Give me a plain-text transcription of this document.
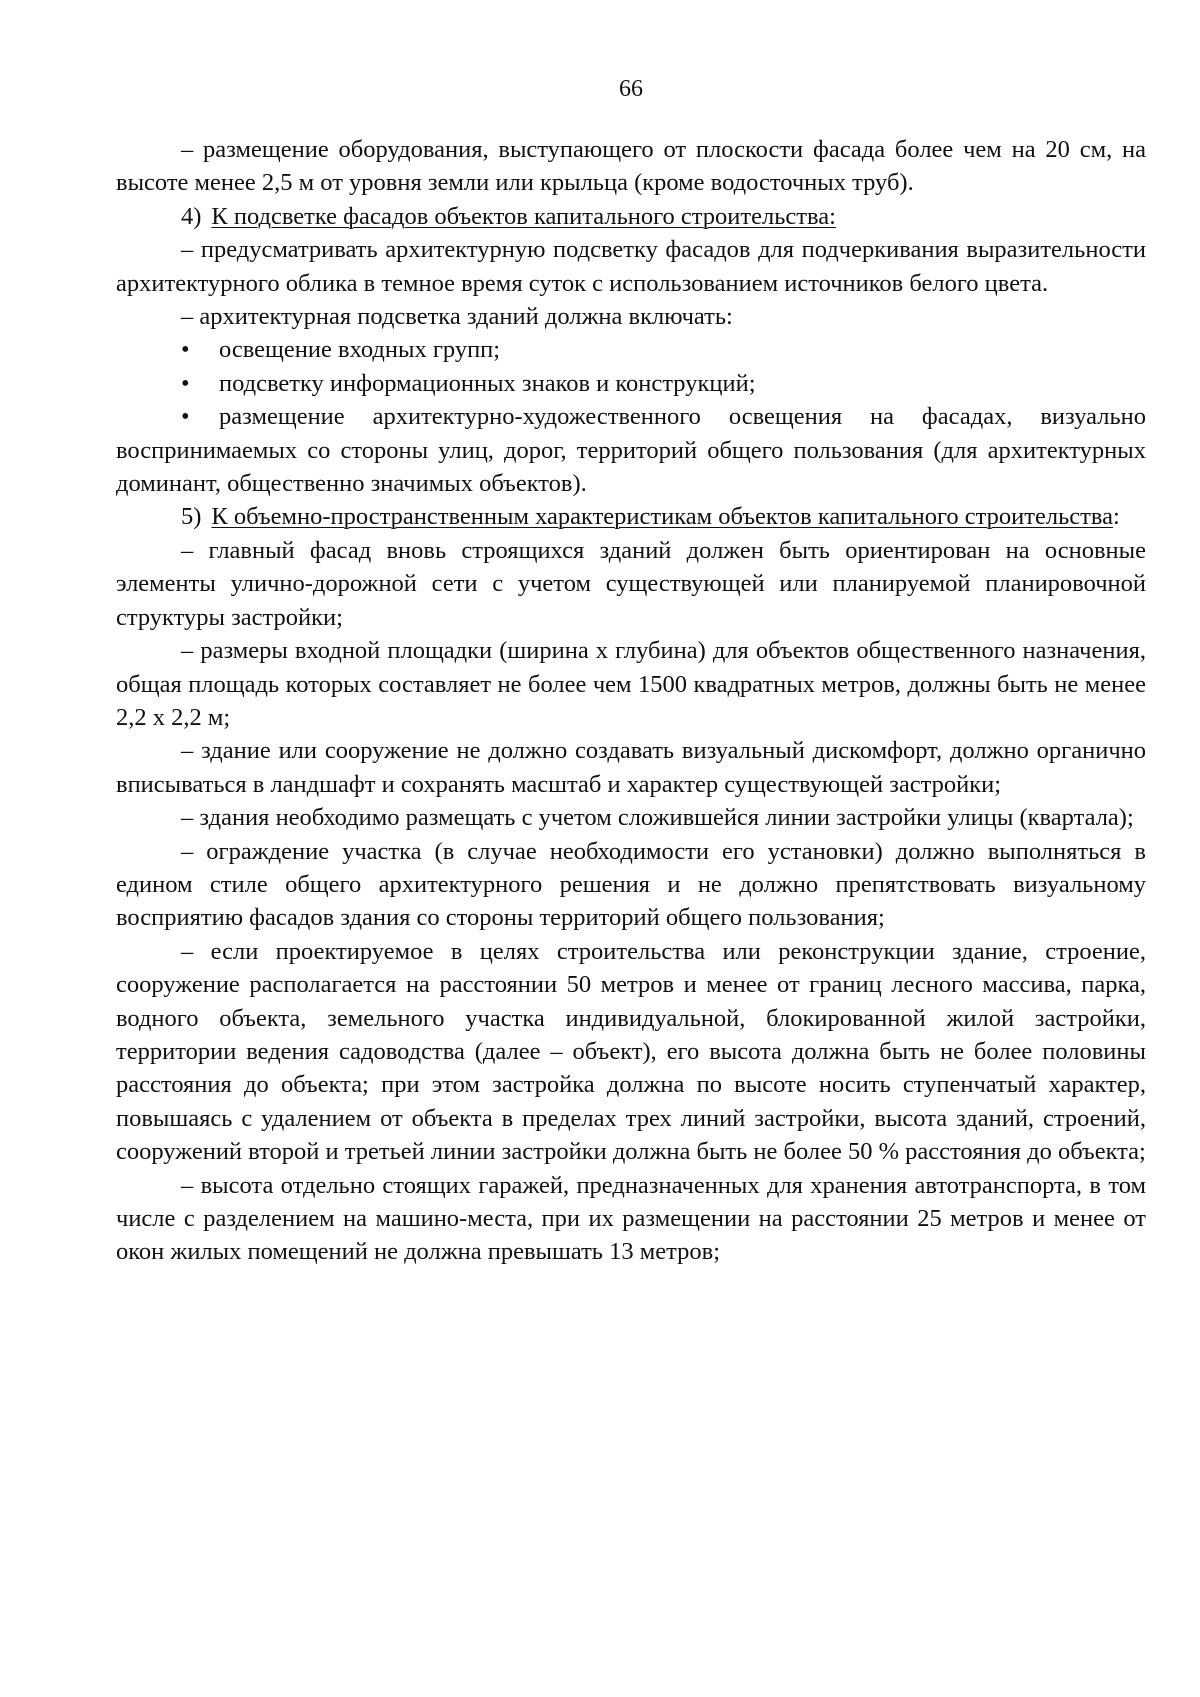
66

– размещение оборудования, выступающего от плоскости фасада более чем на 20 см, на высоте менее 2,5 м от уровня земли или крыльца (кроме водосточных труб).

4) К подсветке фасадов объектов капитального строительства:

– предусматривать архитектурную подсветку фасадов для подчеркивания выразительности архитектурного облика в темное время суток с использованием источников белого цвета.

– архитектурная подсветка зданий должна включать:

• освещение входных групп;

• подсветку информационных знаков и конструкций;

• размещение архитектурно-художественного освещения на фасадах, визуально воспринимаемых со стороны улиц, дорог, территорий общего пользования (для архитектурных доминант, общественно значимых объектов).

5) К объемно-пространственным характеристикам объектов капитального строительства:

– главный фасад вновь строящихся зданий должен быть ориентирован на основные элементы улично-дорожной сети с учетом существующей или планируемой планировочной структуры застройки;

– размеры входной площадки (ширина х глубина) для объектов общественного назначения, общая площадь которых составляет не более чем 1500 квадратных метров, должны быть не менее 2,2 х 2,2 м;

– здание или сооружение не должно создавать визуальный дискомфорт, должно органично вписываться в ландшафт и сохранять масштаб и характер существующей застройки;

– здания необходимо размещать с учетом сложившейся линии застройки улицы (квартала);

– ограждение участка (в случае необходимости его установки) должно выполняться в едином стиле общего архитектурного решения и не должно препятствовать визуальному восприятию фасадов здания со стороны территорий общего пользования;

– если проектируемое в целях строительства или реконструкции здание, строение, сооружение располагается на расстоянии 50 метров и менее от границ лесного массива, парка, водного объекта, земельного участка индивидуальной, блокированной жилой застройки, территории ведения садоводства (далее – объект), его высота должна быть не более половины расстояния до объекта; при этом застройка должна по высоте носить ступенчатый характер, повышаясь с удалением от объекта в пределах трех линий застройки, высота зданий, строений, сооружений второй и третьей линии застройки должна быть не более 50 % расстояния до объекта;

– высота отдельно стоящих гаражей, предназначенных для хранения автотранспорта, в том числе с разделением на машино-места, при их размещении на расстоянии 25 метров и менее от окон жилых помещений не должна превышать 13 метров;
